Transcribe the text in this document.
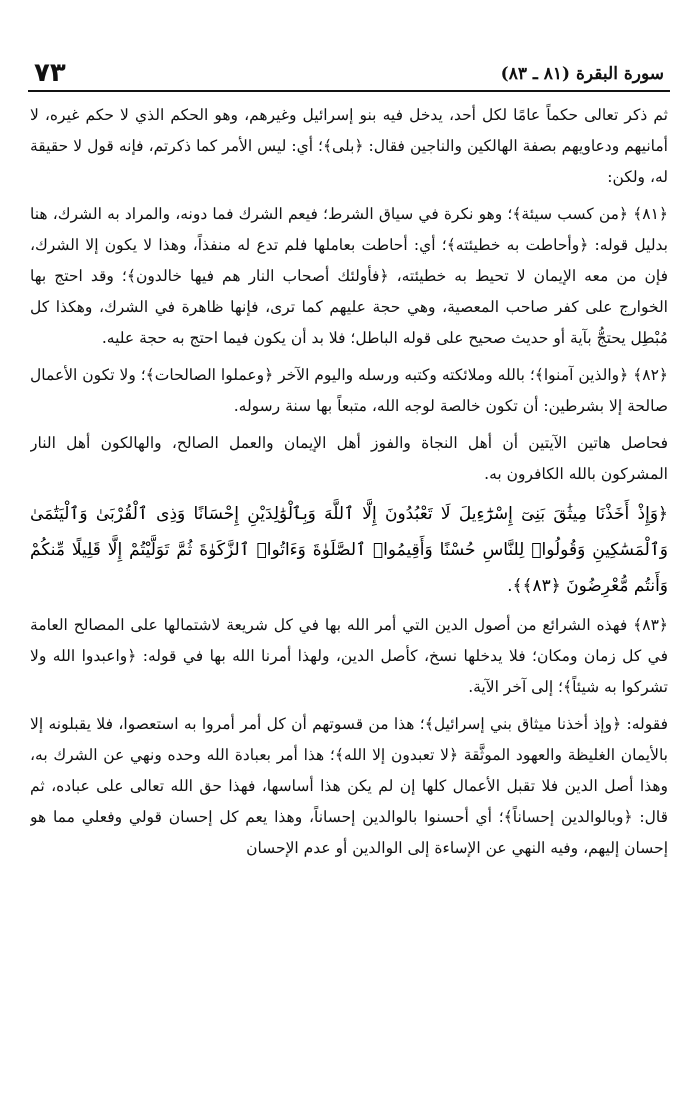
٧٣	سورة البقرة (٨١ ـ ٨٣)

ثم ذكر تعالى حكماً عامًا لكل أحد، يدخل فيه بنو إسرائيل وغيرهم، وهو الحكم الذي لا حكم غيره، لا أمانيهم ودعاويهم بصفة الهالكين والناجين فقال: ﴿بلى﴾؛ أي: ليس الأمر كما ذكرتم، فإنه قول لا حقيقة له، ولكن:

﴿٨١﴾ ﴿من كسب سيئة﴾؛ وهو نكرة في سياق الشرط؛ فيعم الشرك فما دونه، والمراد به الشرك، هنا بدليل قوله: ﴿وأحاطت به خطيئته﴾؛ أي: أحاطت بعاملها فلم تدع له منفذاً، وهذا لا يكون إلا الشرك، فإن من معه الإيمان لا تحيط به خطيئته، ﴿فأولئك أصحاب النار هم فيها خالدون﴾؛ وقد احتج بها الخوارج على كفر صاحب المعصية، وهي حجة عليهم كما ترى، فإنها ظاهرة في الشرك، وهكذا كل مُبْطِل يحتجُّ بآية أو حديث صحيح على قوله الباطل؛ فلا بد أن يكون فيما احتج به حجة عليه.

﴿٨٢﴾ ﴿والذين آمنوا﴾؛ بالله وملائكته وكتبه ورسله واليوم الآخر ﴿وعملوا الصالحات﴾؛ ولا تكون الأعمال صالحة إلا بشرطين: أن تكون خالصة لوجه الله، متبعاً بها سنة رسوله.

فحاصل هاتين الآيتين أن أهل النجاة والفوز أهل الإيمان والعمل الصالح، والهالكون أهل النار المشركون بالله الكافرون به.

﴿وَإِذْ أَخَذْنَا مِيثَٰقَ بَنِىٓ إِسْرَٰٓءِيلَ لَا تَعْبُدُونَ إِلَّا ٱللَّهَ وَبِٱلْوَٰلِدَيْنِ إِحْسَانًا وَذِى ٱلْقُرْبَىٰ وَٱلْيَتَٰمَىٰ وَٱلْمَسَٰكِينِ وَقُولُوا۟ لِلنَّاسِ حُسْنًا وَأَقِيمُوا۟ ٱلصَّلَوٰةَ وَءَاتُوا۟ ٱلزَّكَوٰةَ ثُمَّ تَوَلَّيْتُمْ إِلَّا قَلِيلًا مِّنكُمْ وَأَنتُم مُّعْرِضُونَ ﴿٨٣﴾﴾.

﴿٨٣﴾ فهذه الشرائع من أصول الدين التي أمر الله بها في كل شريعة لاشتمالها على المصالح العامة في كل زمان ومكان؛ فلا يدخلها نسخ، كأصل الدين، ولهذا أمرنا الله بها في قوله: ﴿واعبدوا الله ولا تشركوا به شيئاً﴾؛ إلى آخر الآية.

فقوله: ﴿وإذ أخذنا ميثاق بني إسرائيل﴾؛ هذا من قسوتهم أن كل أمر أمروا به استعصوا، فلا يقبلونه إلا بالأيمان الغليظة والعهود الموثَّقة ﴿لا تعبدون إلا الله﴾؛ هذا أمر بعبادة الله وحده ونهي عن الشرك به، وهذا أصل الدين فلا تقبل الأعمال كلها إن لم يكن هذا أساسها، فهذا حق الله تعالى على عباده، ثم قال: ﴿وبالوالدين إحساناً﴾؛ أي أحسنوا بالوالدين إحساناً، وهذا يعم كل إحسان قولي وفعلي مما هو إحسان إليهم، وفيه النهي عن الإساءة إلى الوالدين أو عدم الإحسان
